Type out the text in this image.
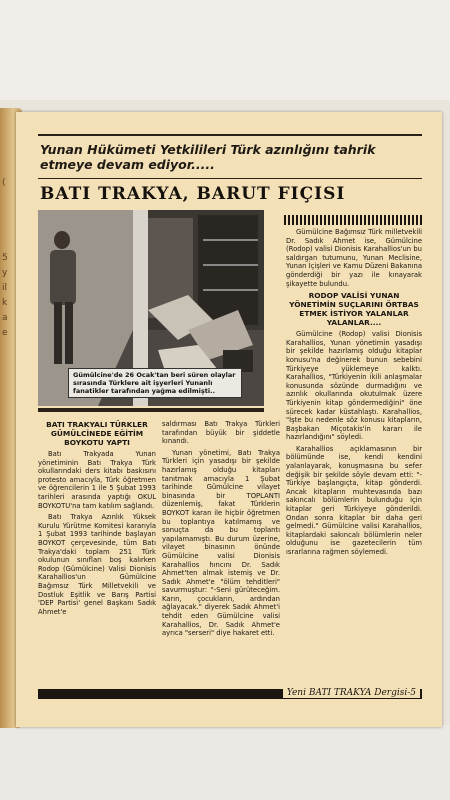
(
5
y
il
k
a
e
Yunan Hükümeti Yetkilileri Türk azınlığını tahrik etmeye devam ediyor.....
BATI TRAKYA, BARUT FIÇISI
Gümülcine'de 26 Ocak'tan beri süren olaylar sırasında Türklere ait işyerleri Yunanlı fanatikler tarafından yağma edilmişti..

BATI TRAKYALI TÜRKLER GÜMÜLCİNEDE EĞİTİM BOYKOTU YAPTI

Batı Trakyada Yunan yönetiminin Batı Trakya Türk okullarındaki ders kitabı baskısını protesto amacıyla, Türk öğretmen ve öğrencilerin 1 ile 5 Şubat 1993 tarihleri arasında yaptığı OKUL BOYKOTU'na tam katılım sağlandı.

Batı Trakya Azınlık Yüksek Kurulu Yürütme Komitesi kararıyla 1 Şubat 1993 tarihinde başlayan BOYKOT çerçevesinde, tüm Batı Trakya'daki toplam 251 Türk okulunun sınıfları boş kalırken Rodop (Gümülcine) Valisi Dionisis Karahallios'un Gümülcine Bağımsız Türk Milletvekili ve Dostluk Eşitlik ve Barış Partisi 'DEP Partisi' genel Başkanı Sadık Ahmet'e

saldırması Batı Trakya Türkleri tarafından büyük bir şiddetle kınandı.

Yunan yönetimi, Batı Trakya Türkleri için yasadışı bir şekilde hazırlamış olduğu kitapları tanıtmak amacıyla 1 Şubat tarihinde Gümülcine vilayet binasında bir TOPLANTI düzenlemiş, fakat Türklerin BOYKOT karan ile hiçbir öğretmen bu toplantıya katılmamış ve sonuçta da bu toplantı yapılamamıştı. Bu durum üzerine, vilayet binasının önünde Gümülcine valisi Dionisis Karahallios hıncını Dr. Sadık Ahmet'ten almak istemiş ve Dr. Sadık Ahmet'e "ölüm tehditleri" savurmuştur: "-Seni gürüteceğim. Karın, çocukların, ardından ağlayacak." diyerek Sadık Ahmet'i tehdit eden Gümülcine valisi Karahallios, Dr. Sadık Ahmet'e ayrıca "serseri" diye hakaret etti.

Gümülcine Bağımsız Türk milletvekili Dr. Sadık Ahmet ise, Gümülcine (Rodop) valisi Dionisis Karahallios'un bu saldırgan tutumunu, Yunan Meclisine, Yunan İçişleri ve Kamu Düzeni Bakanına gönderdiği bir yazı ile kınayarak şikayette bulundu.

RODOP VALİSİ YUNAN YÖNETİMİN SUÇLARINI ÖRTBAS ETMEK İSTİYOR YALANLAR YALANLAR....

Gümülcine (Rodop) valisi Dionisis Karahallios, Yunan yönetimin yasadışı bir şekilde hazırlamış olduğu kitaplar konusu'na değinerek bunun sebebini Türkiyeye yüklemeye kalktı. Karahallios, "Türkiyenin ikili anlaşmalar konusunda sözünde durmadığını ve azınlık okullarında okutulmak üzere Türkiyenin kitap göndermediğini" öne sürecek kadar küstahlaştı. Karahallios, "İşte bu nedenle söz konusu kitapların, Başbakan Miçotakis'in kararı ile hazırlandığını" söyledi.

Karahallios açıklamasının bir bölümünde ise, kendi kendini yalanlayarak, konuşmasına bu sefer değişik bir şekilde söyle devam etti: "-Türkiye başlangıçta, kitap gönderdi. Ancak kitapların muhtevasında bazı sakıncalı bölümlerin bulunduğu için kitaplar geri Türkiyeye gönderildi. Ondan sonra kitaplar bir daha geri gelmedi." Gümülcine valisi Karahallios, kitaplardaki sakıncalı bölümlerin neler olduğunu ise gazetecilerin tüm ısrarlarına rağmen söylemedi.

Yeni BATI TRAKYA Dergisi-5
